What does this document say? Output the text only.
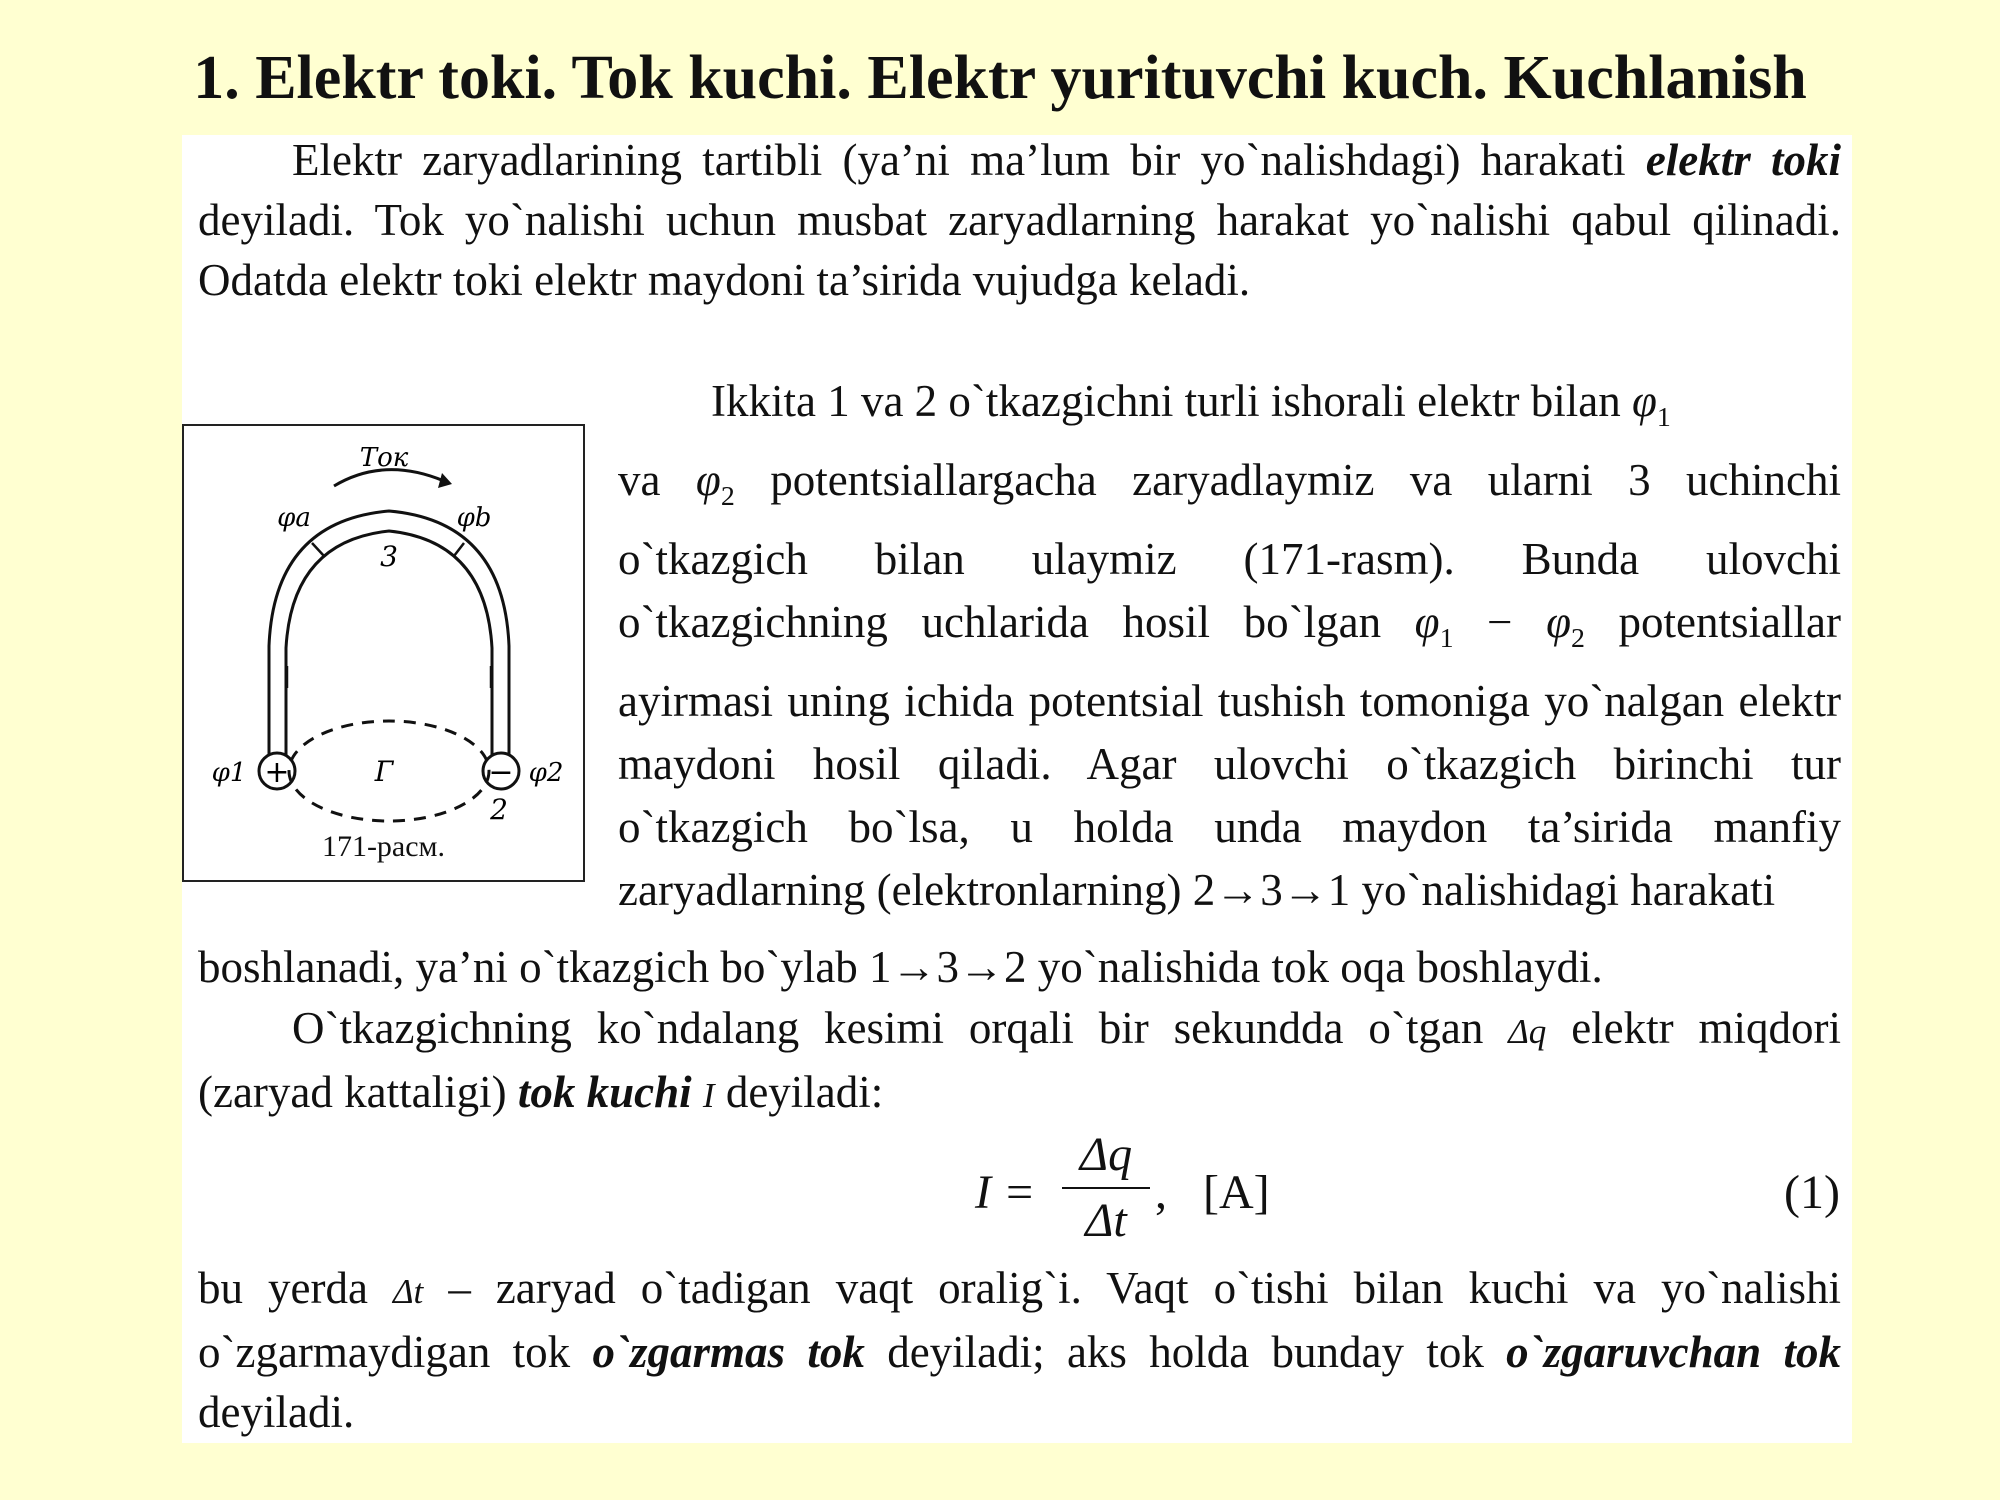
1. Elektr toki. Tok kuchi. Elektr yurituvchi kuch. Kuchlanish
Elektr zaryadlarining tartibli (ya’ni ma’lum bir yo`nalishdagi) harakati elektr toki deyiladi. Tok yo`nalishi uchun musbat zaryadlarning harakat yo`nalishi qabul qilinadi. Odatda elektr toki elektr maydoni ta’sirida vujudga keladi.
+	−
Ток
φa	φb
3
φ1	φ2
Г
2
171-рacм.
Ikkita 1 va 2 o`tkazgichni turli ishorali elektr bilan $\varphi_1$
va $\varphi_2$ potentsiallargacha zaryadlaymiz va ularni 3 uchinchi o`tkazgich bilan ulaymiz (171-rasm). Bunda ulovchi o`tkazgichning uchlarida hosil bo`lgan $\varphi_1 - \varphi_2$ potentsiallar ayirmasi uning ichida potentsial tushish tomoniga yo`nalgan elektr maydoni hosil qiladi. Agar ulovchi o`tkazgich birinchi tur o`tkazgich bo`lsa, u holda unda maydon ta’sirida manfiy zaryadlarning (elektronlarning) 2→3→1 yo`nalishidagi harakati
boshlanadi, ya’ni o`tkazgich bo`ylab 1→3→2 yo`nalishida tok oqa boshlaydi.
O`tkazgichning ko`ndalang kesimi orqali bir sekundda o`tgan Δq elektr miqdori (zaryad kattaligi) tok kuchi I deyiladi:
I =
Δq
Δt
, [A]	(1)
bu yerda Δt – zaryad o`tadigan vaqt oralig`i. Vaqt o`tishi bilan kuchi va yo`nalishi o`zgarmaydigan tok o`zgarmas tok deyiladi; aks holda bunday tok o`zgaruvchan tok deyiladi.
